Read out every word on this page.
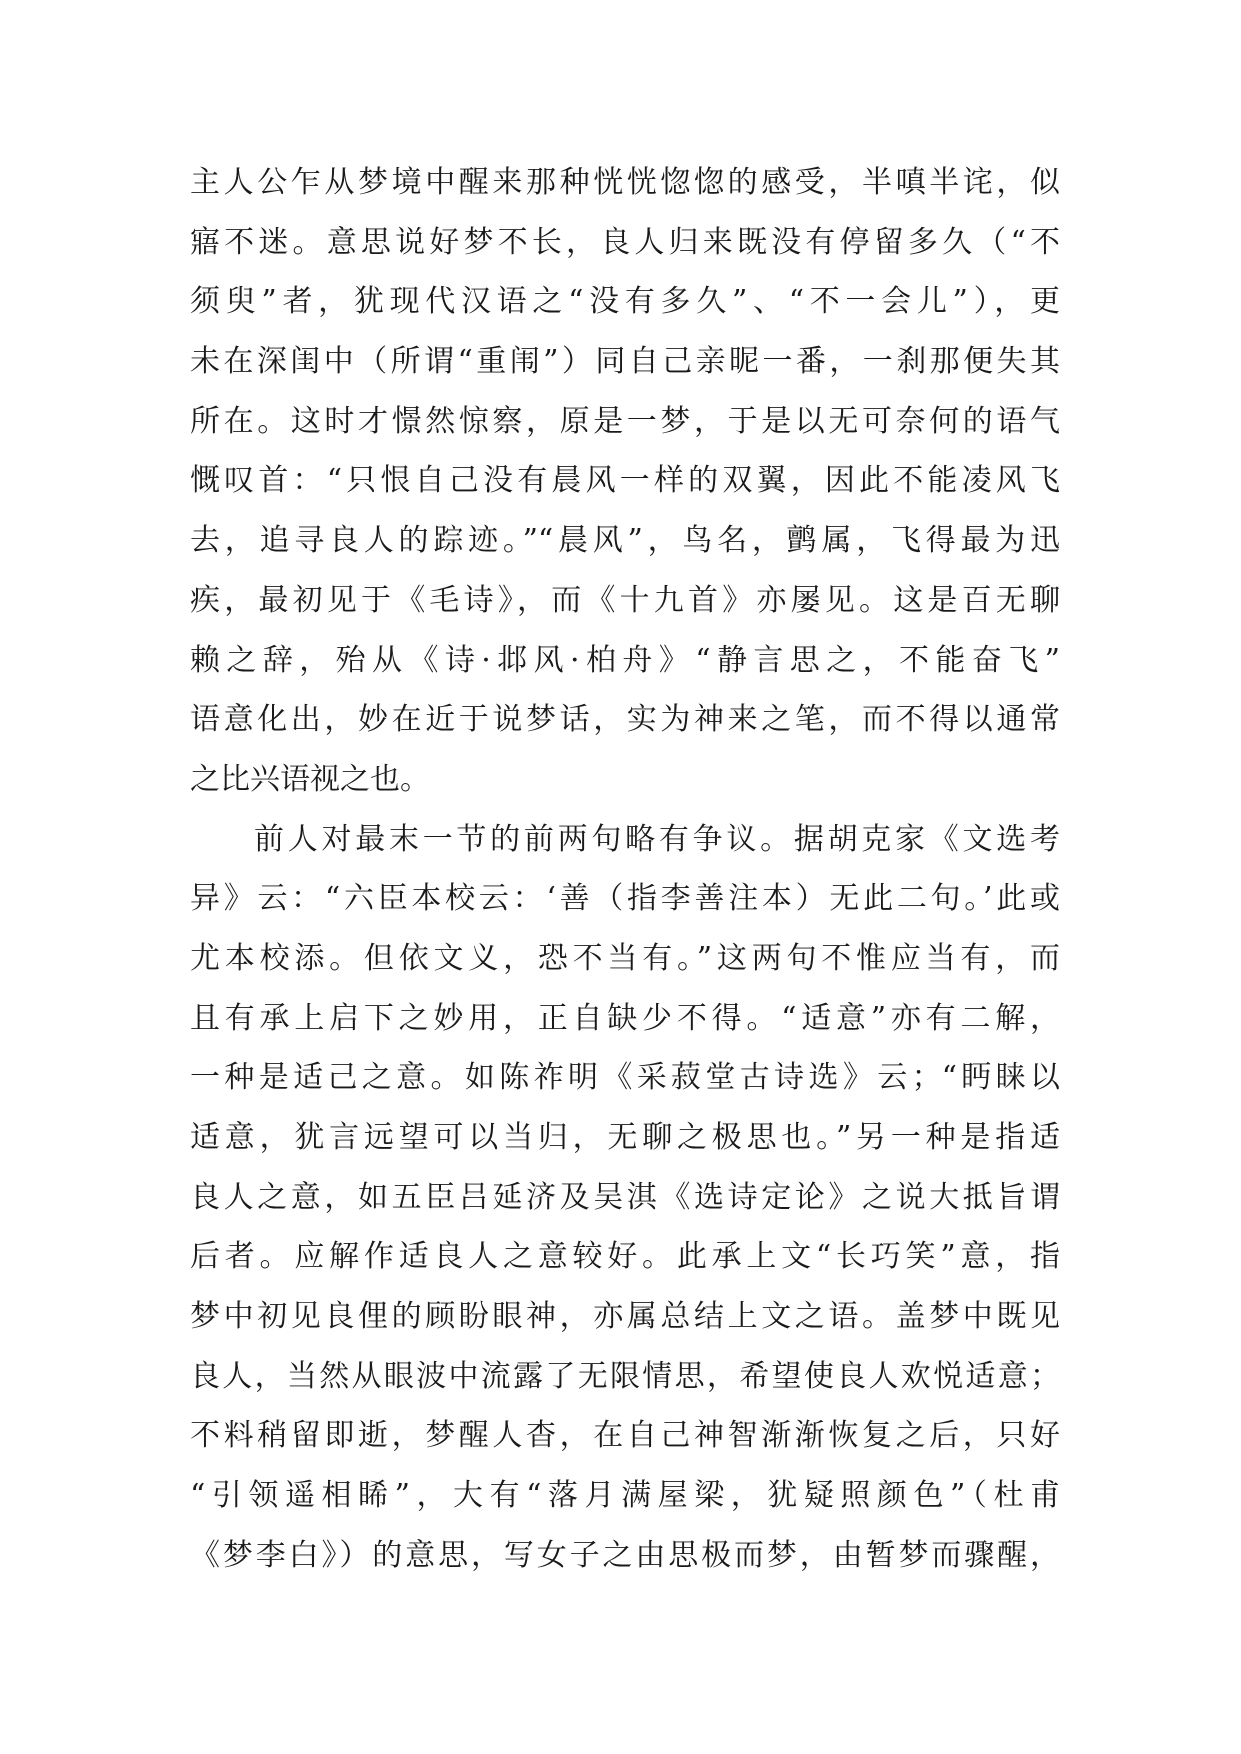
主人公乍从梦境中醒来那种恍恍惚惚的感受，半嗔半诧，似
寤不迷。意思说好梦不长，良人归来既没有停留多久（“不
须臾”者，犹现代汉语之“没有多久”、“不一会儿”），更
未在深闺中（所谓“重闱”）同自己亲昵一番，一刹那便失其
所在。这时才憬然惊察，原是一梦，于是以无可奈何的语气
慨叹首：“只恨自己没有晨风一样的双翼，因此不能凌风飞
去，追寻良人的踪迹。”“晨风”，鸟名，鹯属，飞得最为迅
疾，最初见于《毛诗》，而《十九首》亦屡见。这是百无聊
赖之辞，殆从《诗·邶风·柏舟》“静言思之，不能奋飞”
语意化出，妙在近于说梦话，实为神来之笔，而不得以通常
之比兴语视之也。
前人对最末一节的前两句略有争议。据胡克家《文选考
异》云：“六臣本校云：‘善（指李善注本）无此二句。’此或
尤本校添。但依文义，恐不当有。”这两句不惟应当有，而
且有承上启下之妙用，正自缺少不得。“适意”亦有二解，
一种是适己之意。如陈祚明《采菽堂古诗选》云；“眄睐以
适意，犹言远望可以当归，无聊之极思也。”另一种是指适
良人之意，如五臣吕延济及吴淇《选诗定论》之说大抵旨谓
后者。应解作适良人之意较好。此承上文“长巧笑”意，指
梦中初见良俚的顾盼眼神，亦属总结上文之语。盖梦中既见
良人，当然从眼波中流露了无限情思，希望使良人欢悦适意；
不料稍留即逝，梦醒人杳，在自己神智渐渐恢复之后，只好
“引领遥相睎”，大有“落月满屋梁，犹疑照颜色”（杜甫
《梦李白》）的意思，写女子之由思极而梦，由暂梦而骤醒，
